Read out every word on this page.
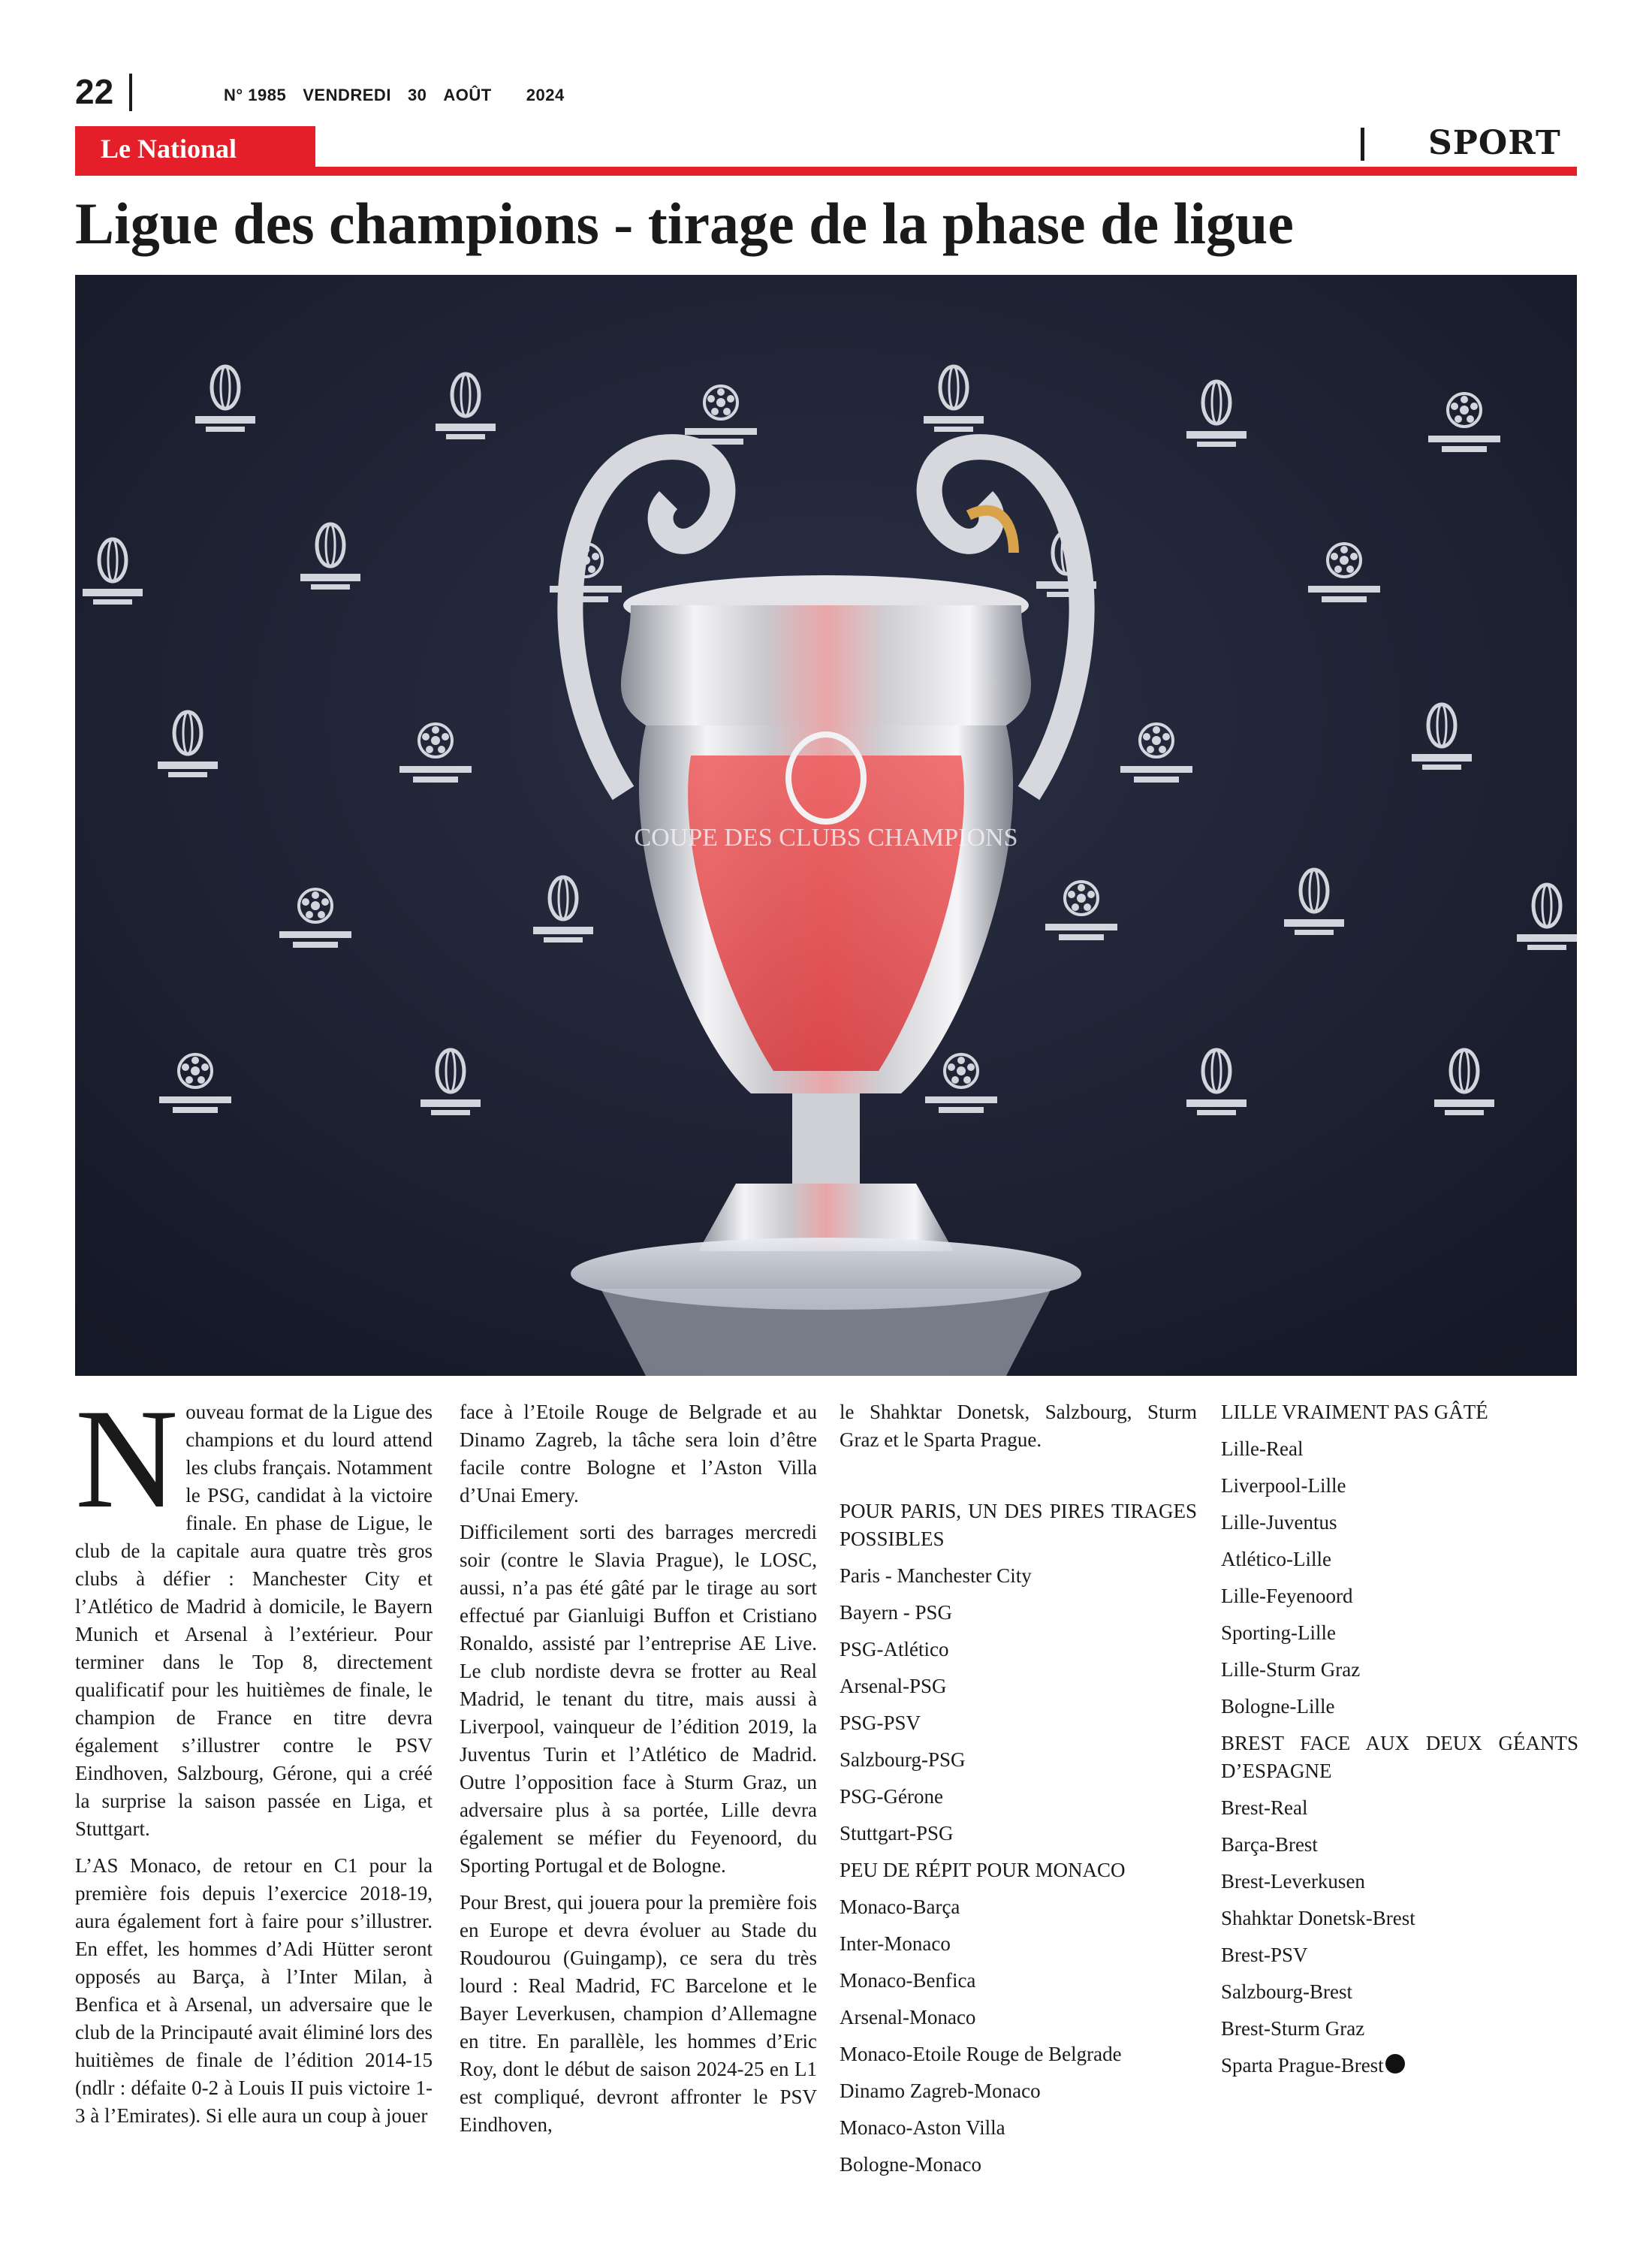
22	N° 1985 VENDREDI 30 AOÛT 2024
Le National	SPORT
Ligue des champions - tirage de la phase de ligue
COUPE DES CLUBS CHAMPIONS

Nouveau format de la Ligue des champions et du lourd attend les clubs français. Notamment le PSG, candidat à la victoire finale. En phase de Ligue, le club de la capitale aura quatre très gros clubs à défier : Manchester City et l’Atlético de Madrid à domicile, le Bayern Munich et Arsenal à l’extérieur. Pour terminer dans le Top 8, directement qualificatif pour les huitièmes de finale, le champion de France en titre devra également s’illustrer contre le PSV Eindhoven, Salzbourg, Gérone, qui a créé la surprise la saison passée en Liga, et Stuttgart.

L’AS Monaco, de retour en C1 pour la première fois depuis l’exercice 2018-19, aura également fort à faire pour s’illustrer. En effet, les hommes d’Adi Hütter seront opposés au Barça, à l’Inter Milan, à Benfica et à Arsenal, un adversaire que le club de la Principauté avait éliminé lors des huitièmes de finale de l’édition 2014-15 (ndlr : défaite 0-2 à Louis II puis victoire 1-3 à l’Emirates). Si elle aura un coup à jouer

face à l’Etoile Rouge de Belgrade et au Dinamo Zagreb, la tâche sera loin d’être facile contre Bologne et l’Aston Villa d’Unai Emery.

Difficilement sorti des barrages mercredi soir (contre le Slavia Prague), le LOSC, aussi, n’a pas été gâté par le tirage au sort effectué par Gianluigi Buffon et Cristiano Ronaldo, assisté par l’entreprise AE Live. Le club nordiste devra se frotter au Real Madrid, le tenant du titre, mais aussi à Liverpool, vainqueur de l’édition 2019, la Juventus Turin et l’Atlético de Madrid. Outre l’opposition face à Sturm Graz, un adversaire plus à sa portée, Lille devra également se méfier du Feyenoord, du Sporting Portugal et de Bologne.

Pour Brest, qui jouera pour la première fois en Europe et devra évoluer au Stade du Roudourou (Guingamp), ce sera du très lourd : Real Madrid, FC Barcelone et le Bayer Leverkusen, champion d’Allemagne en titre. En parallèle, les hommes d’Eric Roy, dont le début de saison 2024-25 en L1 est compliqué, devront affronter le PSV Eindhoven,

le Shahktar Donetsk, Salzbourg, Sturm Graz et le Sparta Prague.

POUR PARIS, UN DES PIRES TIRAGES POSSIBLES

Paris - Manchester City
Bayern - PSG
PSG-Atlético
Arsenal-PSG
PSG-PSV
Salzbourg-PSG
PSG-Gérone
Stuttgart-PSG

PEU DE RÉPIT POUR MONACO

Monaco-Barça
Inter-Monaco
Monaco-Benfica
Arsenal-Monaco
Monaco-Etoile Rouge de Belgrade
Dinamo Zagreb-Monaco
Monaco-Aston Villa
Bologne-Monaco

LILLE VRAIMENT PAS GÂTÉ

Lille-Real
Liverpool-Lille
Lille-Juventus
Atlético-Lille
Lille-Feyenoord
Sporting-Lille
Lille-Sturm Graz
Bologne-Lille

BREST FACE AUX DEUX GÉANTS D’ESPAGNE

Brest-Real
Barça-Brest
Brest-Leverkusen
Shahktar Donetsk-Brest
Brest-PSV
Salzbourg-Brest
Brest-Sturm Graz
Sparta Prague-Brest
